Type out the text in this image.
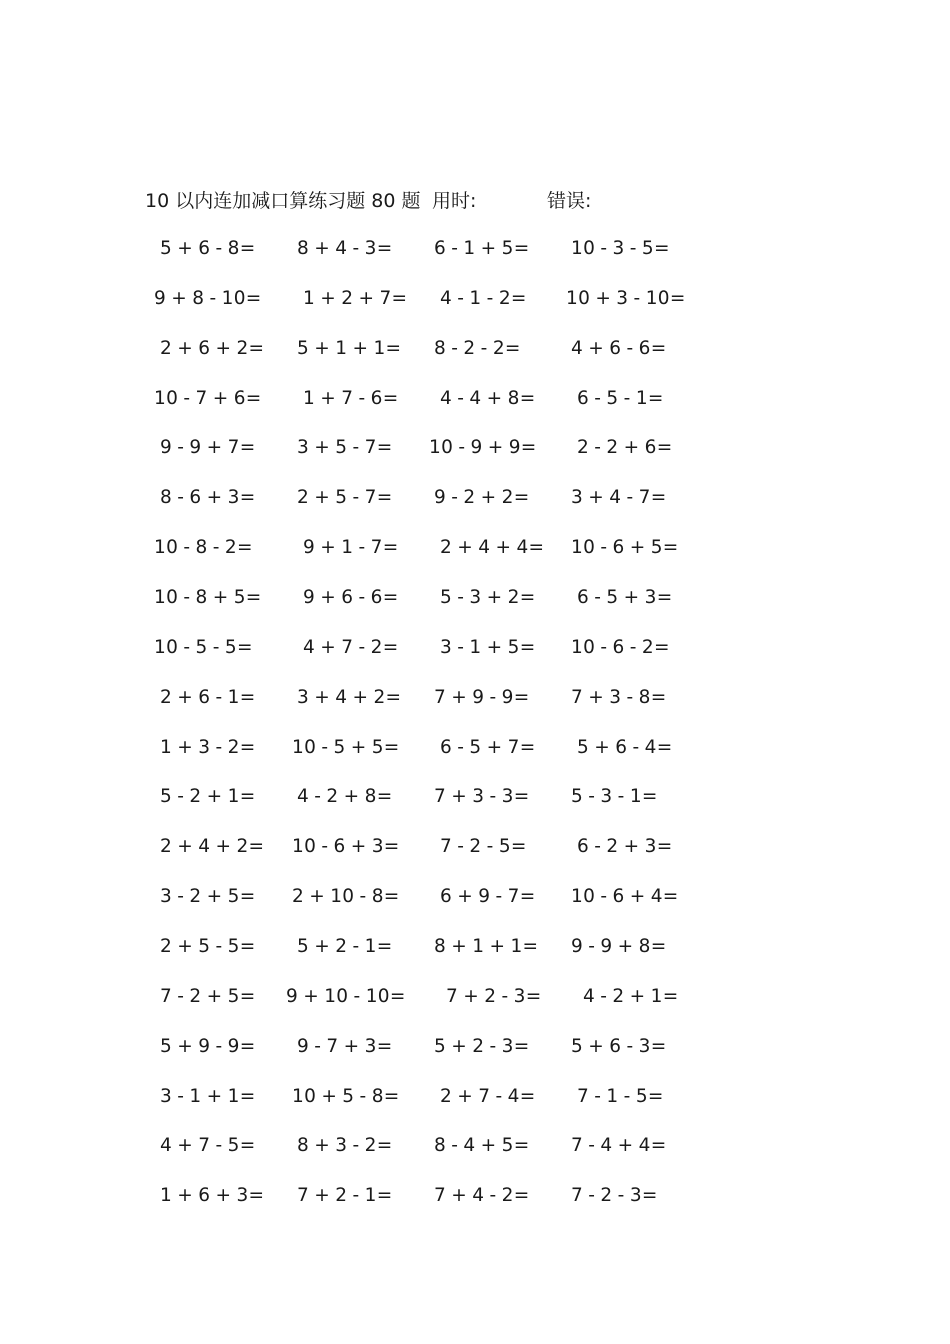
10 以内连加减口算练习题 80 题 用时:	错误:
5 + 6 - 8= 8 + 4 - 3= 6 - 1 + 5= 10 - 3 - 5=
9 + 8 - 10= 1 + 2 + 7= 4 - 1 - 2= 10 + 3 - 10=
2 + 6 + 2= 5 + 1 + 1= 8 - 2 - 2=	4 + 6 - 6=
10 - 7 + 6= 1 + 7 - 6= 4 - 4 + 8= 6 - 5 - 1=
9 - 9 + 7= 3 + 5 - 7= 10 - 9 + 9= 2 - 2 + 6=
8 - 6 + 3= 2 + 5 - 7= 9 - 2 + 2= 3 + 4 - 7=
10 - 8 - 2=	9 + 1 - 7= 2 + 4 + 4= 10 - 6 + 5=
10 - 8 + 5= 9 + 6 - 6= 5 - 3 + 2= 6 - 5 + 3=
10 - 5 - 5=	4 + 7 - 2= 3 - 1 + 5= 10 - 6 - 2=
2 + 6 - 1= 3 + 4 + 2= 7 + 9 - 9= 7 + 3 - 8=
1 + 3 - 2= 10 - 5 + 5= 6 - 5 + 7= 5 + 6 - 4=
5 - 2 + 1= 4 - 2 + 8= 7 + 3 - 3= 5 - 3 - 1=
2 + 4 + 2= 10 - 6 + 3= 7 - 2 - 5=	6 - 2 + 3=
3 - 2 + 5= 2 + 10 - 8= 6 + 9 - 7= 10 - 6 + 4=
2 + 5 - 5= 5 + 2 - 1= 8 + 1 + 1= 9 - 9 + 8=
7 - 2 + 5= 9 + 10 - 10= 7 + 2 - 3= 4 - 2 + 1=
5 + 9 - 9= 9 - 7 + 3= 5 + 2 - 3= 5 + 6 - 3=
3 - 1 + 1= 10 + 5 - 8= 2 + 7 - 4= 7 - 1 - 5=
4 + 7 - 5= 8 + 3 - 2= 8 - 4 + 5= 7 - 4 + 4=
1 + 6 + 3= 7 + 2 - 1= 7 + 4 - 2= 7 - 2 - 3=
